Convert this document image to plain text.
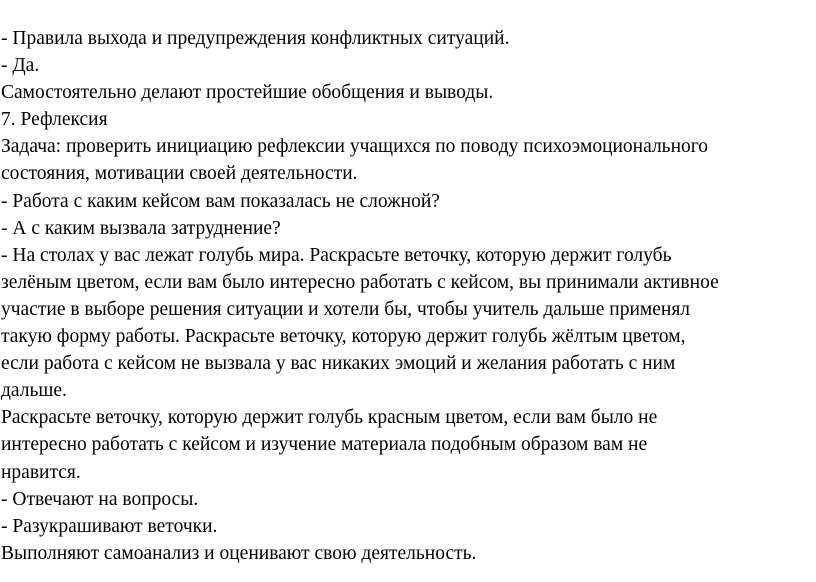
- Правила выхода и предупреждения конфликтных ситуаций.

- Да.

Самостоятельно делают простейшие обобщения и выводы.

7. Рефлексия

Задача: проверить инициацию рефлексии учащихся по поводу психоэмоционального

состояния, мотивации своей деятельности.

- Работа с каким кейсом вам показалась не сложной?

- А с каким вызвала затруднение?

- На столах у вас лежат голубь мира. Раскрасьте веточку, которую держит голубь

зелёным цветом, если вам было интересно работать с кейсом, вы принимали активное

участие в выборе решения ситуации и хотели бы, чтобы учитель дальше применял

такую форму работы. Раскрасьте веточку, которую держит голубь жёлтым цветом,

если работа с кейсом не вызвала у вас никаких эмоций и желания работать с ним

дальше.

Раскрасьте веточку, которую держит голубь красным цветом, если вам было не

интересно работать с кейсом и изучение материала подобным образом вам не

нравится.

- Отвечают на вопросы.

- Разукрашивают веточки.

Выполняют самоанализ и оценивают свою деятельность.
